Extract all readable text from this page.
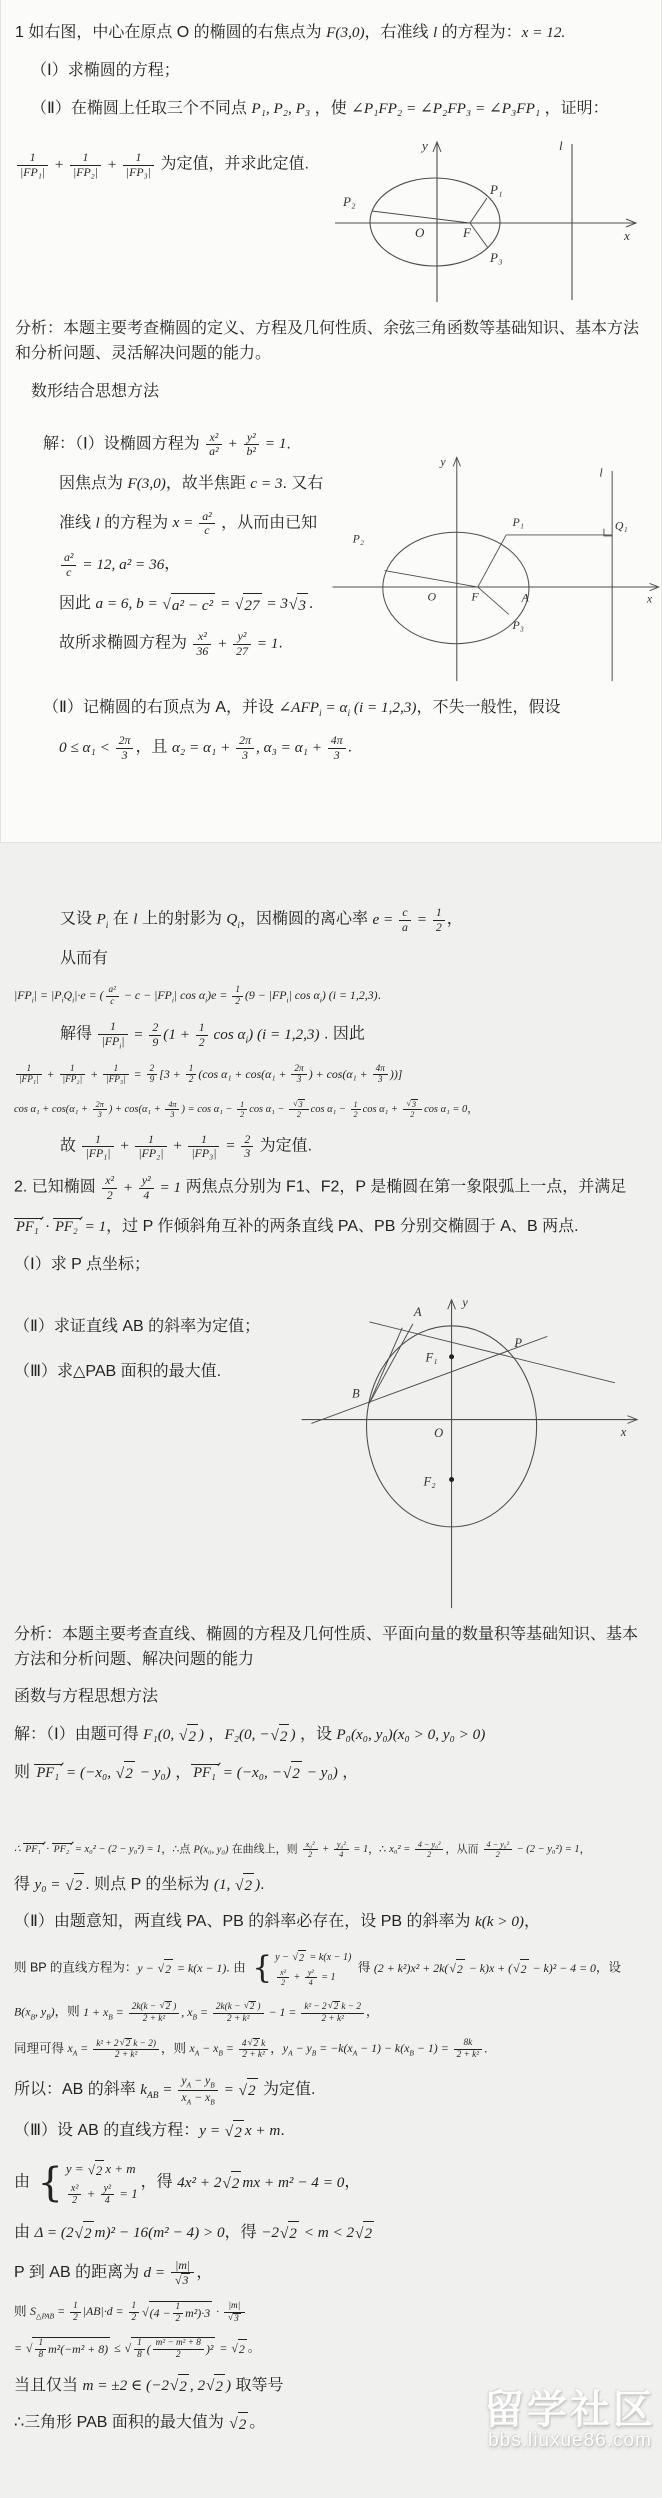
1 如右图，中心在原点 O 的椭圆的右焦点为 F(3,0)，右准线 l 的方程为：x = 12.
（Ⅰ）求椭圆的方程；
（Ⅱ）在椭圆上任取三个不同点 P₁, P₂, P₃ ，使 ∠P₁FP₂ = ∠P₂FP₃ = ∠P₃FP₁ ，证明：
$\frac{1}{\text{|FP₁|}} + \frac{1}{\text{|FP₂|}} + \frac{1}{\text{|FP₃|}}$ 为定值，并求此定值.
y	l
x
O	F
P₁
P₂
P₃
分析：本题主要考查椭圆的定义、方程及几何性质、余弦三角函数等基础知识、基本方法和分析问题、灵活解决问题的能力。
数形结合思想方法
解：（Ⅰ）设椭圆方程为 $\frac{\text{x²}}{\text{a²}} + \frac{\text{y²}}{\text{b²}} = 1$.
因焦点为 F(3,0)，故半焦距 c = 3. 又右
准线 l 的方程为 $x = \frac{\text{a²}}{c}$ ，从而由已知
$\frac{\text{a²}}{c} = 12$, a² = 36，
因此 a = 6, b = √ a² − c² = √ 27 = 3 √ 3 .
故所求椭圆方程为 $\frac{\text{x²}}{36} + \frac{\text{y²}}{27} = 1$.
y
l
x
O	F	A
P₁
P₂
P₃
Q₁
（Ⅱ）记椭圆的右顶点为 A，并设 $\angle AFP_i = \alpha_i$ (i = 1,2,3)，不失一般性，假设
$0 \le \alpha_1 < \frac{2\pi}{3}$ ，且 $\alpha_2 = \alpha_1 + \frac{2\pi}{3}$ , $\alpha_3 = \alpha_1 + \frac{4\pi}{3}$ .
又设 $P_i$ 在 l 上的射影为 $Q_i$，因椭圆的离心率 $e = \frac{c}{a} = \frac{1}{2}$ ，
从而有
$|FP_i| = |P_iQ_i|\cdot e$ = ( $\frac{\text{a²}}{c} - c - |FP_i|$ $\cos \alpha_i)e = \frac{1}{2} (9 - |FP_i|$ $\cos \alpha_i$) (i = 1,2,3).
解得 $\frac{1}{|FP_i|} = \frac{2}{9} (1 + \frac{1}{2}$ $\cos \alpha_i$) (i = 1,2,3) . 因此
$\frac{1}{\text{|FP₁|}} + \frac{1}{\text{|FP₂|}} + \frac{1}{\text{|FP₃|}} = \frac{2}{9} [3 + \frac{1}{2} (\cos$ $\alpha_1 + \cos(\alpha_1 + \frac{2\pi}{3}$ ) + $\cos(\alpha_1 + \frac{4\pi}{3}$ ))]
$\cos \alpha_1 + \cos(\alpha_1 + \frac{2\pi}{3}$ ) + $\cos(\alpha_1 + \frac{4\pi}{3}$ ) = $\cos \alpha_1 - \frac{1}{2}$ cos α₁ − √ $\frac{3}{2}$ $\cos \alpha_1 - \frac{1}{2}$ cos α₁ + √ $\frac{3}{2}$ cos α₁ = 0，
故 $\frac{1}{\text{|FP₁|}} + \frac{1}{\text{|FP₂|}} + \frac{1}{\text{|FP₃|}} = \frac{2}{3}$ 为定值.
2. 已知椭圆 $\frac{\text{x²}}{2} + \frac{\text{y²}}{4} = 1$ 两焦点分别为 F1、F2，P 是椭圆在第一象限弧上一点，并满足
PF₁ · PF₂ = 1，过 P 作倾斜角互补的两条直线 PA、PB 分别交椭圆于 A、B 两点.
（Ⅰ）求 P 点坐标；
（Ⅱ）求证直线 AB 的斜率为定值；
（Ⅲ）求△PAB 面积的最大值.
y
x
O
A
P
B
F₁
F₂
分析：本题主要考查直线、椭圆的方程及几何性质、平面向量的数量积等基础知识、基本方法和分析问题、解决问题的能力
函数与方程思想方法
解：（Ⅰ）由题可得 F₁(0, √ 2 ) ，F₂(0, − √ 2 ) ，设 P₀(x₀, y₀)(x₀ > 0, y₀ > 0)
则 PF₁ = (−x₀, √ 2 − y₀) ， PF₁ = (−x₀, − √ 2 − y₀) ，
∴ PF₁ · PF₂ = x₀² − (2 − y₀²) = 1，∴点 P(x₀, y₀) 在曲线上，则 $\frac{\text{x₀²}}{2} + \frac{\text{y₀²}}{4} = 1$，∴ $x_0^2 = \frac{\text{4 − y₀²}}{2}$ ，从而 $\frac{\text{4 − y₀²}}{2} - (2 - y_0^2) = 1$，
得 y₀ = √ 2 . 则点 P 的坐标为 (1, √ 2 ).
（Ⅱ）由题意知，两直线 PA、PB 的斜率必存在，设 PB 的斜率为 k(k > 0)，
则 BP 的直线方程为：y − √ 2 = k(x − 1). 由
{ y − √ 2 = k(x − 1)
$\frac{\text{x²}}{2} + \frac{\text{y²}}{4} = 1$
得 (2 + k²)x² + 2k( √ 2 − k)x + ( √ 2 − k)² − 4 = 0，设
$B(x_B$, $y_B$)，则 $1 + x_B = \frac{2k(k - √ 2 )}{\text{2 + k²}}$ , $x_B = \frac{2k(k - √ 2 )}{\text{2 + k²}} - 1 = \frac{\text{k² − 2 √ 2 k − 2}}{\text{2 + k²}}$ ，
同理可得 $x_A = \frac{\text{k² + 2 √ 2 k − 2)}}{\text{2 + k²}}$ ，则 $x_A - x_B = \frac{4 √ 2 k}{\text{2 + k²}}$ ，$y_A - y_B = -k(x_A - 1) - k(x_B - 1) = \frac{8k}{\text{2 + k²}}$ .
所以：AB 的斜率 $k_{AB} = \frac{y_A - y_B}{x_A - x_B}$ = √ 2 为定值.
（Ⅲ）设 AB 的直线方程：y = √ 2 x + m.
由
{ y = √ 2 x + m
$\frac{\text{x²}}{2} + \frac{\text{y²}}{4} = 1$
，得 4x² + 2 √ 2 mx + m² − 4 = 0，
由 Δ = (2 √ 2 m)² − 16(m² − 4) > 0，得 −2 √ 2 < m < 2 √ 2
P 到 AB 的距离为 d = |m|
√ 3 ，
则 $S_{\triangle PAB} = \frac{1}{2} |AB|\cdot d = \frac{1}{2}$ √ $(4 - \frac{1}{2} m^2)\cdot 3 \cdot |m|$
√ 3
= √ $\frac{1}{8} m^2(-m^2 + 8)$ ≤ √ $\frac{1}{8}$ ( $\frac{\text{m² − m² + 8}}{2} )^2$ = √ 2 。
当且仅当 m = ±2 ∈ (−2 √ 2 , 2 √ 2 ) 取等号
∴三角形 PAB 面积的最大值为 √ 2 。	留学社区
bbs.liuxue86.com
